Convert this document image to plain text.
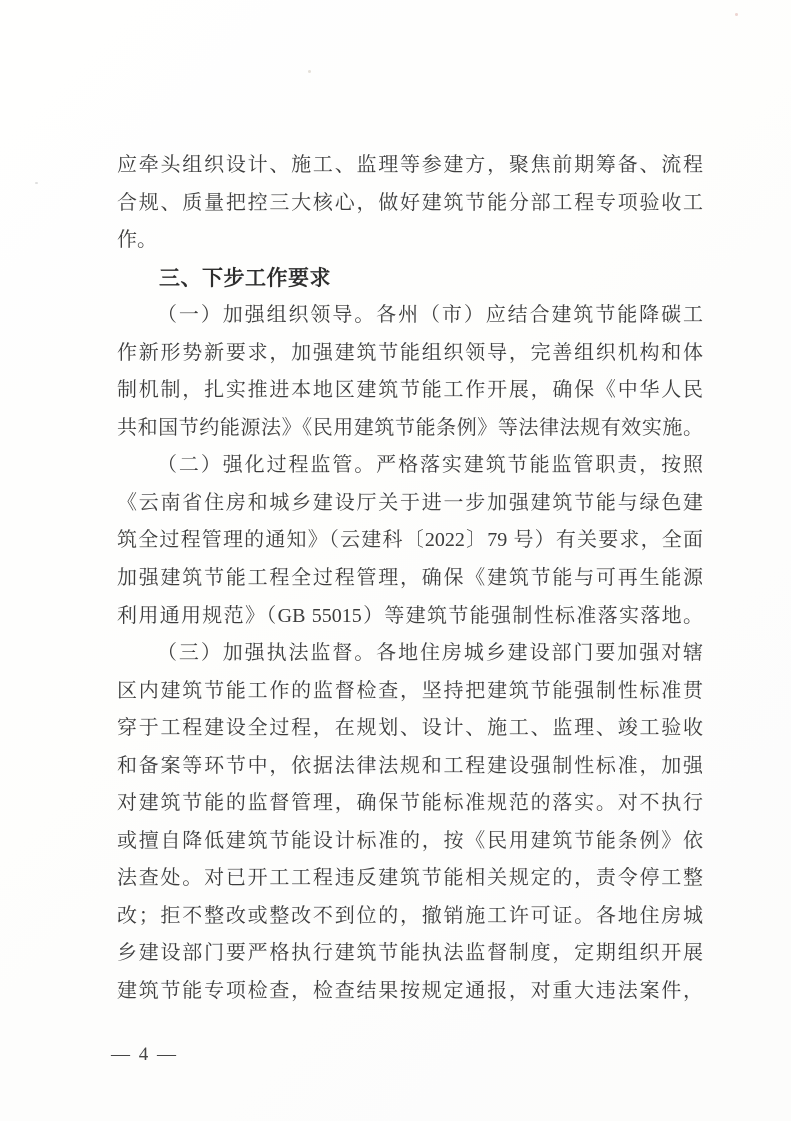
应牵头组织设计、施工、监理等参建方，聚焦前期筹备、流程
合规、质量把控三大核心，做好建筑节能分部工程专项验收工
作。
三、下步工作要求
（一）加强组织领导。各州（市）应结合建筑节能降碳工
作新形势新要求，加强建筑节能组织领导，完善组织机构和体
制机制，扎实推进本地区建筑节能工作开展，确保《中华人民
共和国节约能源法》《民用建筑节能条例》等法律法规有效实施。
（二）强化过程监管。严格落实建筑节能监管职责，按照
《云南省住房和城乡建设厅关于进一步加强建筑节能与绿色建
筑全过程管理的通知》（云建科〔2022〕79 号）有关要求，全面
加强建筑节能工程全过程管理，确保《建筑节能与可再生能源
利用通用规范》（GB 55015）等建筑节能强制性标准落实落地。
（三）加强执法监督。各地住房城乡建设部门要加强对辖
区内建筑节能工作的监督检查，坚持把建筑节能强制性标准贯
穿于工程建设全过程，在规划、设计、施工、监理、竣工验收
和备案等环节中，依据法律法规和工程建设强制性标准，加强
对建筑节能的监督管理，确保节能标准规范的落实。对不执行
或擅自降低建筑节能设计标准的，按《民用建筑节能条例》依
法查处。对已开工工程违反建筑节能相关规定的，责令停工整
改；拒不整改或整改不到位的，撤销施工许可证。各地住房城
乡建设部门要严格执行建筑节能执法监督制度，定期组织开展
建筑节能专项检查，检查结果按规定通报，对重大违法案件，
— 4 —
